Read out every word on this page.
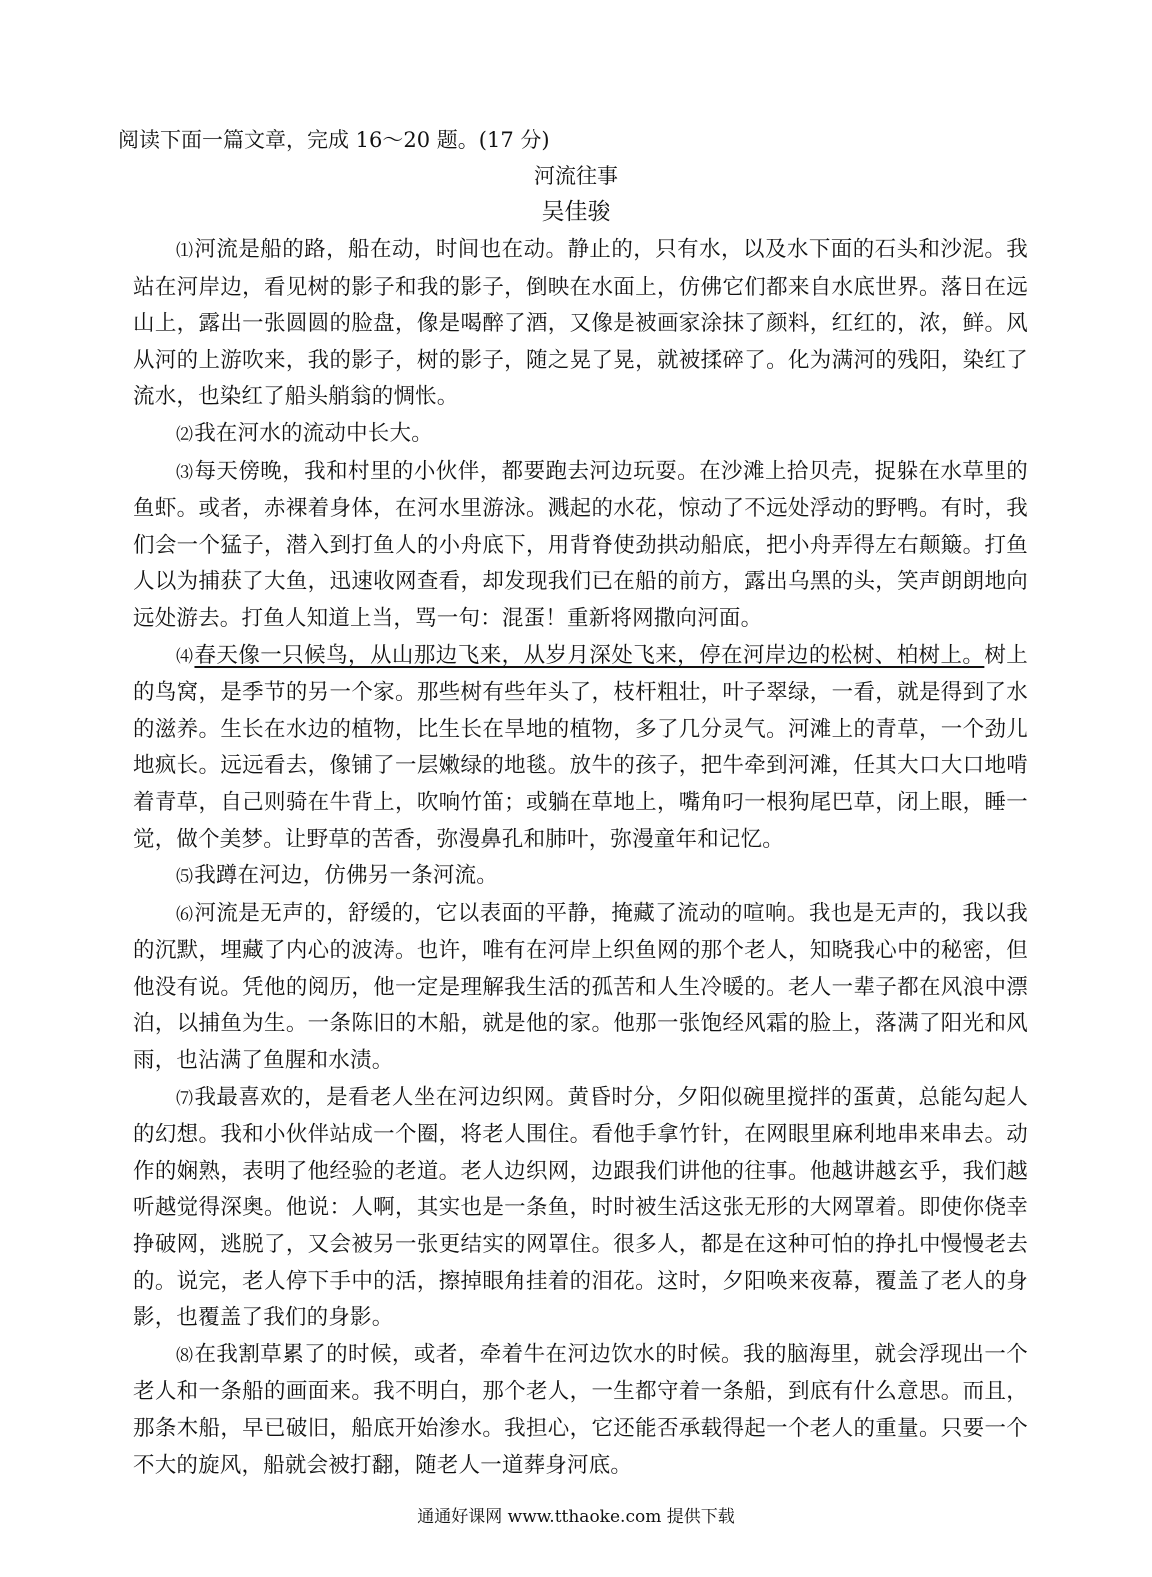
阅读下面一篇文章，完成 16～20 题。(17 分)
河流往事
吴佳骏

⑴河流是船的路，船在动，时间也在动。静止的，只有水，以及水下面的石头和沙泥。我站在河岸边，看见树的影子和我的影子，倒映在水面上，仿佛它们都来自水底世界。落日在远山上，露出一张圆圆的脸盘，像是喝醉了酒，又像是被画家涂抹了颜料，红红的，浓，鲜。风从河的上游吹来，我的影子，树的影子，随之晃了晃，就被揉碎了。化为满河的残阳，染红了流水，也染红了船头艄翁的惆怅。

⑵我在河水的流动中长大。

⑶每天傍晚，我和村里的小伙伴，都要跑去河边玩耍。在沙滩上拾贝壳，捉躲在水草里的鱼虾。或者，赤裸着身体，在河水里游泳。溅起的水花，惊动了不远处浮动的野鸭。有时，我们会一个猛子，潜入到打鱼人的小舟底下，用背脊使劲拱动船底，把小舟弄得左右颠簸。打鱼人以为捕获了大鱼，迅速收网查看，却发现我们已在船的前方，露出乌黑的头，笑声朗朗地向远处游去。打鱼人知道上当，骂一句：混蛋！重新将网撒向河面。

⑷春天像一只候鸟，从山那边飞来，从岁月深处飞来，停在河岸边的松树、柏树上。树上的鸟窝，是季节的另一个家。那些树有些年头了，枝杆粗壮，叶子翠绿，一看，就是得到了水的滋养。生长在水边的植物，比生长在旱地的植物，多了几分灵气。河滩上的青草，一个劲儿地疯长。远远看去，像铺了一层嫩绿的地毯。放牛的孩子，把牛牵到河滩，任其大口大口地啃着青草，自己则骑在牛背上，吹响竹笛；或躺在草地上，嘴角叼一根狗尾巴草，闭上眼，睡一觉，做个美梦。让野草的苦香，弥漫鼻孔和肺叶，弥漫童年和记忆。

⑸我蹲在河边，仿佛另一条河流。

⑹河流是无声的，舒缓的，它以表面的平静，掩藏了流动的喧响。我也是无声的，我以我的沉默，埋藏了内心的波涛。也许，唯有在河岸上织鱼网的那个老人，知晓我心中的秘密，但他没有说。凭他的阅历，他一定是理解我生活的孤苦和人生冷暖的。老人一辈子都在风浪中漂泊，以捕鱼为生。一条陈旧的木船，就是他的家。他那一张饱经风霜的脸上，落满了阳光和风雨，也沾满了鱼腥和水渍。

⑺我最喜欢的，是看老人坐在河边织网。黄昏时分，夕阳似碗里搅拌的蛋黄，总能勾起人的幻想。我和小伙伴站成一个圈，将老人围住。看他手拿竹针，在网眼里麻利地串来串去。动作的娴熟，表明了他经验的老道。老人边织网，边跟我们讲他的往事。他越讲越玄乎，我们越听越觉得深奥。他说：人啊，其实也是一条鱼，时时被生活这张无形的大网罩着。即使你侥幸挣破网，逃脱了，又会被另一张更结实的网罩住。很多人，都是在这种可怕的挣扎中慢慢老去的。说完，老人停下手中的活，擦掉眼角挂着的泪花。这时，夕阳唤来夜幕，覆盖了老人的身影，也覆盖了我们的身影。

⑻在我割草累了的时候，或者，牵着牛在河边饮水的时候。我的脑海里，就会浮现出一个老人和一条船的画面来。我不明白，那个老人，一生都守着一条船，到底有什么意思。而且，那条木船，早已破旧，船底开始渗水。我担心，它还能否承载得起一个老人的重量。只要一个不大的旋风，船就会被打翻，随老人一道葬身河底。

通通好课网 www.tthaoke.com 提供下载
